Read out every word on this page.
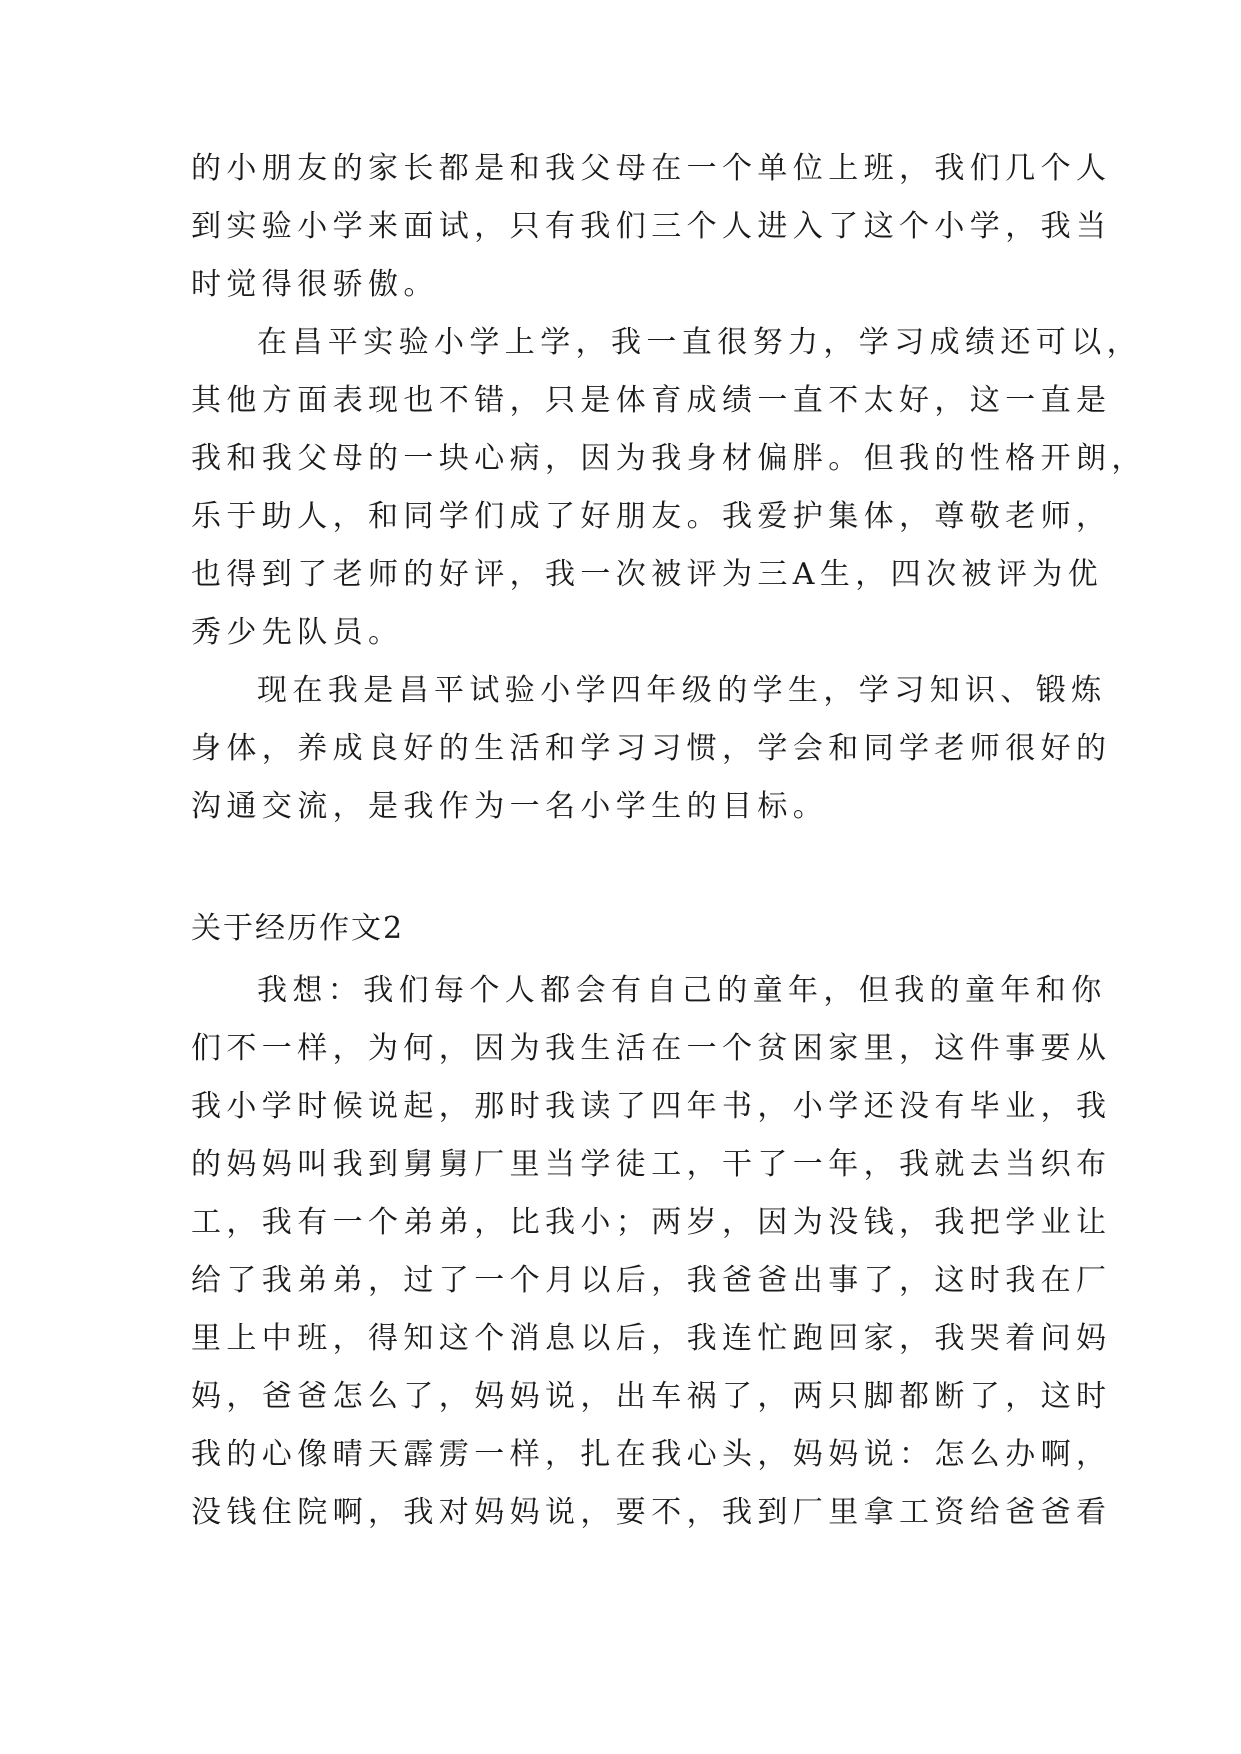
的小朋友的家长都是和我父母在一个单位上班，我们几个人
到实验小学来面试，只有我们三个人进入了这个小学，我当
时觉得很骄傲。
在昌平实验小学上学，我一直很努力，学习成绩还可以，
其他方面表现也不错，只是体育成绩一直不太好，这一直是
我和我父母的一块心病，因为我身材偏胖。但我的性格开朗，
乐于助人，和同学们成了好朋友。我爱护集体，尊敬老师，
也得到了老师的好评，我一次被评为三A生，四次被评为优
秀少先队员。
现在我是昌平试验小学四年级的学生，学习知识、锻炼
身体，养成良好的生活和学习习惯，学会和同学老师很好的
沟通交流，是我作为一名小学生的目标。
关于经历作文2
我想：我们每个人都会有自己的童年，但我的童年和你
们不一样，为何，因为我生活在一个贫困家里，这件事要从
我小学时候说起，那时我读了四年书，小学还没有毕业，我
的妈妈叫我到舅舅厂里当学徒工，干了一年，我就去当织布
工，我有一个弟弟，比我小；两岁，因为没钱，我把学业让
给了我弟弟，过了一个月以后，我爸爸出事了，这时我在厂
里上中班，得知这个消息以后，我连忙跑回家，我哭着问妈
妈，爸爸怎么了，妈妈说，出车祸了，两只脚都断了，这时
我的心像晴天霹雳一样，扎在我心头，妈妈说：怎么办啊，
没钱住院啊，我对妈妈说，要不，我到厂里拿工资给爸爸看
